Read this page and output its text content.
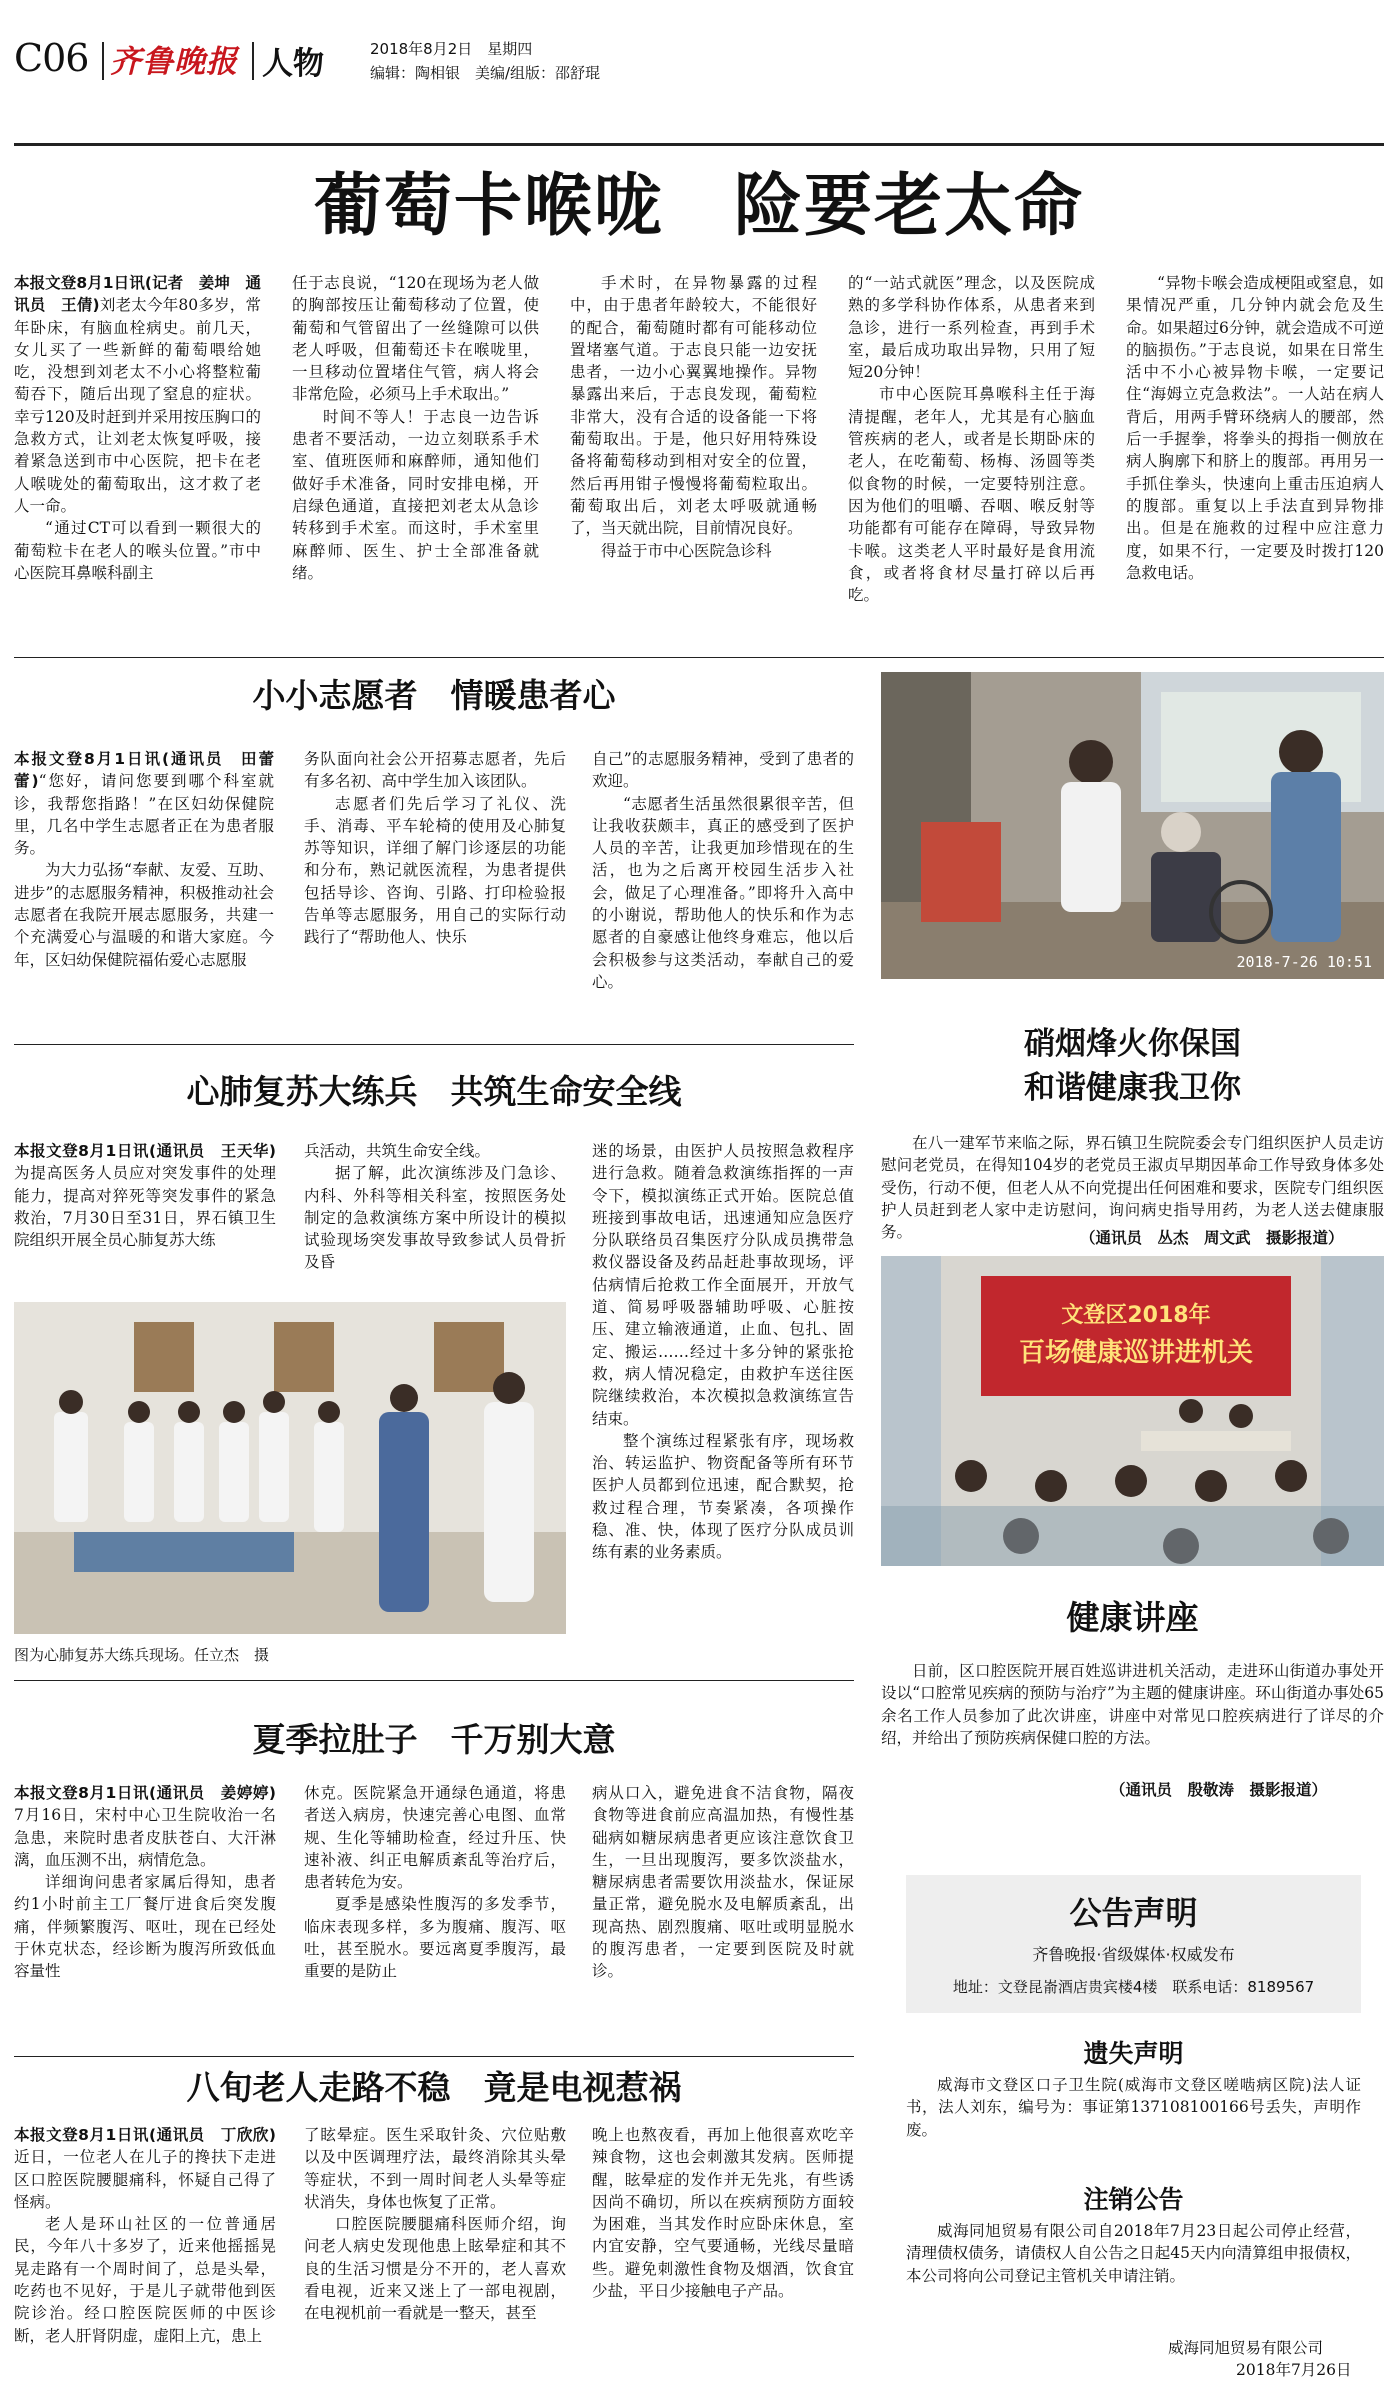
C06 齐鲁晚报 人物	2018年8月2日　星期四
编辑：陶相银　美编/组版：邵舒琨
葡萄卡喉咙　险要老太命

本报文登8月1日讯(记者　姜坤　通讯员　王倩)刘老太今年80多岁，常年卧床，有脑血栓病史。前几天，女儿买了一些新鲜的葡萄喂给她吃，没想到刘老太不小心将整粒葡萄吞下，随后出现了窒息的症状。幸亏120及时赶到并采用按压胸口的急救方式，让刘老太恢复呼吸，接着紧急送到市中心医院，把卡在老人喉咙处的葡萄取出，这才救了老人一命。

“通过CT可以看到一颗很大的葡萄粒卡在老人的喉头位置。”市中心医院耳鼻喉科副主

任于志良说，“120在现场为老人做的胸部按压让葡萄移动了位置，使葡萄和气管留出了一丝缝隙可以供老人呼吸，但葡萄还卡在喉咙里，一旦移动位置堵住气管，病人将会非常危险，必须马上手术取出。”

时间不等人！于志良一边告诉患者不要活动，一边立刻联系手术室、值班医师和麻醉师，通知他们做好手术准备，同时安排电梯，开启绿色通道，直接把刘老太从急诊转移到手术室。而这时，手术室里麻醉师、医生、护士全部准备就绪。

手术时，在异物暴露的过程中，由于患者年龄较大，不能很好的配合，葡萄随时都有可能移动位置堵塞气道。于志良只能一边安抚患者，一边小心翼翼地操作。异物暴露出来后，于志良发现，葡萄粒非常大，没有合适的设备能一下将葡萄取出。于是，他只好用特殊设备将葡萄移动到相对安全的位置，然后再用钳子慢慢将葡萄粒取出。葡萄取出后，刘老太呼吸就通畅了，当天就出院，目前情况良好。

得益于市中心医院急诊科

的“一站式就医”理念，以及医院成熟的多学科协作体系，从患者来到急诊，进行一系列检查，再到手术室，最后成功取出异物，只用了短短20分钟！

市中心医院耳鼻喉科主任于海清提醒，老年人，尤其是有心脑血管疾病的老人，或者是长期卧床的老人，在吃葡萄、杨梅、汤圆等类似食物的时候，一定要特别注意。因为他们的咀嚼、吞咽、喉反射等功能都有可能存在障碍，导致异物卡喉。这类老人平时最好是食用流食，或者将食材尽量打碎以后再吃。

“异物卡喉会造成梗阻或窒息，如果情况严重，几分钟内就会危及生命。如果超过6分钟，就会造成不可逆的脑损伤。”于志良说，如果在日常生活中不小心被异物卡喉，一定要记住“海姆立克急救法”。一人站在病人背后，用两手臂环绕病人的腰部，然后一手握拳，将拳头的拇指一侧放在病人胸廓下和脐上的腹部。再用另一手抓住拳头，快速向上重击压迫病人的腹部。重复以上手法直到异物排出。但是在施救的过程中应注意力度，如果不行，一定要及时拨打120急救电话。

小小志愿者　情暖患者心

本报文登8月1日讯(通讯员　田蕾蕾)“您好，请问您要到哪个科室就诊，我帮您指路！”在区妇幼保健院里，几名中学生志愿者正在为患者服务。

为大力弘扬“奉献、友爱、互助、进步”的志愿服务精神，积极推动社会志愿者在我院开展志愿服务，共建一个充满爱心与温暖的和谐大家庭。今年，区妇幼保健院福佑爱心志愿服

务队面向社会公开招募志愿者，先后有多名初、高中学生加入该团队。

志愿者们先后学习了礼仪、洗手、消毒、平车轮椅的使用及心肺复苏等知识，详细了解门诊逐层的功能和分布，熟记就医流程，为患者提供包括导诊、咨询、引路、打印检验报告单等志愿服务，用自己的实际行动践行了“帮助他人、快乐

自己”的志愿服务精神，受到了患者的欢迎。

“志愿者生活虽然很累很辛苦，但让我收获颇丰，真正的感受到了医护人员的辛苦，让我更加珍惜现在的生活，也为之后离开校园生活步入社会，做足了心理准备。”即将升入高中的小谢说，帮助他人的快乐和作为志愿者的自豪感让他终身难忘，他以后会积极参与这类活动，奉献自己的爱心。

2018-7-26 10:51
硝烟烽火你保国
和谐健康我卫你

在八一建军节来临之际，界石镇卫生院院委会专门组织医护人员走访慰问老党员，在得知104岁的老党员王淑贞早期因革命工作导致身体多处受伤，行动不便，但老人从不向党提出任何困难和要求，医院专门组织医护人员赶到老人家中走访慰问，询问病史指导用药，为老人送去健康服务。	（通讯员　丛杰　周文武　摄影报道）
心肺复苏大练兵　共筑生命安全线

本报文登8月1日讯(通讯员　王天华)为提高医务人员应对突发事件的处理能力，提高对猝死等突发事件的紧急救治，7月30日至31日，界石镇卫生院组织开展全员心肺复苏大练

兵活动，共筑生命安全线。

据了解，此次演练涉及门急诊、内科、外科等相关科室，按照医务处制定的急救演练方案中所设计的模拟试验现场突发事故导致参试人员骨折及昏

迷的场景，由医护人员按照急救程序进行急救。随着急救演练指挥的一声令下，模拟演练正式开始。医院总值班接到事故电话，迅速通知应急医疗分队联络员召集医疗分队成员携带急救仪器设备及药品赶赴事故现场，评估病情后抢救工作全面展开，开放气道、简易呼吸器辅助呼吸、心脏按压、建立输液通道，止血、包扎、固定、搬运……经过十多分钟的紧张抢救，病人情况稳定，由救护车送往医院继续救治，本次模拟急救演练宣告结束。

整个演练过程紧张有序，现场救治、转运监护、物资配备等所有环节医护人员都到位迅速，配合默契，抢救过程合理，节奏紧凑，各项操作稳、准、快，体现了医疗分队成员训练有素的业务素质。

图为心肺复苏大练兵现场。任立杰　摄
文登区2018年
百场健康巡讲进机关
健康讲座

日前，区口腔医院开展百姓巡讲进机关活动，走进环山街道办事处开设以“口腔常见疾病的预防与治疗”为主题的健康讲座。环山街道办事处65余名工作人员参加了此次讲座，讲座中对常见口腔疾病进行了详尽的介绍，并给出了预防疾病保健口腔的方法。

（通讯员　殷敬涛　摄影报道）
夏季拉肚子　千万别大意

本报文登8月1日讯(通讯员　姜婷婷)7月16日，宋村中心卫生院收治一名急患，来院时患者皮肤苍白、大汗淋漓，血压测不出，病情危急。

详细询问患者家属后得知，患者约1小时前主工厂餐厅进食后突发腹痛，伴频繁腹泻、呕吐，现在已经处于休克状态，经诊断为腹泻所致低血容量性

休克。医院紧急开通绿色通道，将患者送入病房，快速完善心电图、血常规、生化等辅助检查，经过升压、快速补液、纠正电解质紊乱等治疗后，患者转危为安。

夏季是感染性腹泻的多发季节，临床表现多样，多为腹痛、腹泻、呕吐，甚至脱水。要远离夏季腹泻，最重要的是防止

病从口入，避免进食不洁食物，隔夜食物等进食前应高温加热，有慢性基础病如糖尿病患者更应该注意饮食卫生，一旦出现腹泻，要多饮淡盐水，糖尿病患者需要饮用淡盐水，保证尿量正常，避免脱水及电解质紊乱，出现高热、剧烈腹痛、呕吐或明显脱水的腹泻患者，一定要到医院及时就诊。

八旬老人走路不稳　竟是电视惹祸

本报文登8月1日讯(通讯员　丁欣欣)近日，一位老人在儿子的搀扶下走进区口腔医院腰腿痛科，怀疑自己得了怪病。

老人是环山社区的一位普通居民，今年八十多岁了，近来他摇摇晃晃走路有一个周时间了，总是头晕，吃药也不见好，于是儿子就带他到医院诊治。经口腔医院医师的中医诊断，老人肝肾阴虚，虚阳上亢，患上

了眩晕症。医生采取针灸、穴位贴敷以及中医调理疗法，最终消除其头晕等症状，不到一周时间老人头晕等症状消失，身体也恢复了正常。

口腔医院腰腿痛科医师介绍，询问老人病史发现他患上眩晕症和其不良的生活习惯是分不开的，老人喜欢看电视，近来又迷上了一部电视剧，在电视机前一看就是一整天，甚至

晚上也熬夜看，再加上他很喜欢吃辛辣食物，这也会刺激其发病。医师提醒，眩晕症的发作并无先兆，有些诱因尚不确切，所以在疾病预防方面较为困难，当其发作时应卧床休息，室内宜安静，空气要通畅，光线尽量暗些。避免刺激性食物及烟酒，饮食宜少盐，平日少接触电子产品。

公告声明
齐鲁晚报·省级媒体·权威发布
地址：文登昆嵛酒店贵宾楼4楼　联系电话：8189567
遗失声明

威海市文登区口子卫生院(威海市文登区嗟啮病区院)法人证书，法人刘东，编号为：事证第137108100166号丢失，声明作废。

注销公告

威海同旭贸易有限公司自2018年7月23日起公司停止经营，清理债权债务，请债权人自公告之日起45天内向清算组申报债权，本公司将向公司登记主管机关申请注销。

威海同旭贸易有限公司
2018年7月26日
